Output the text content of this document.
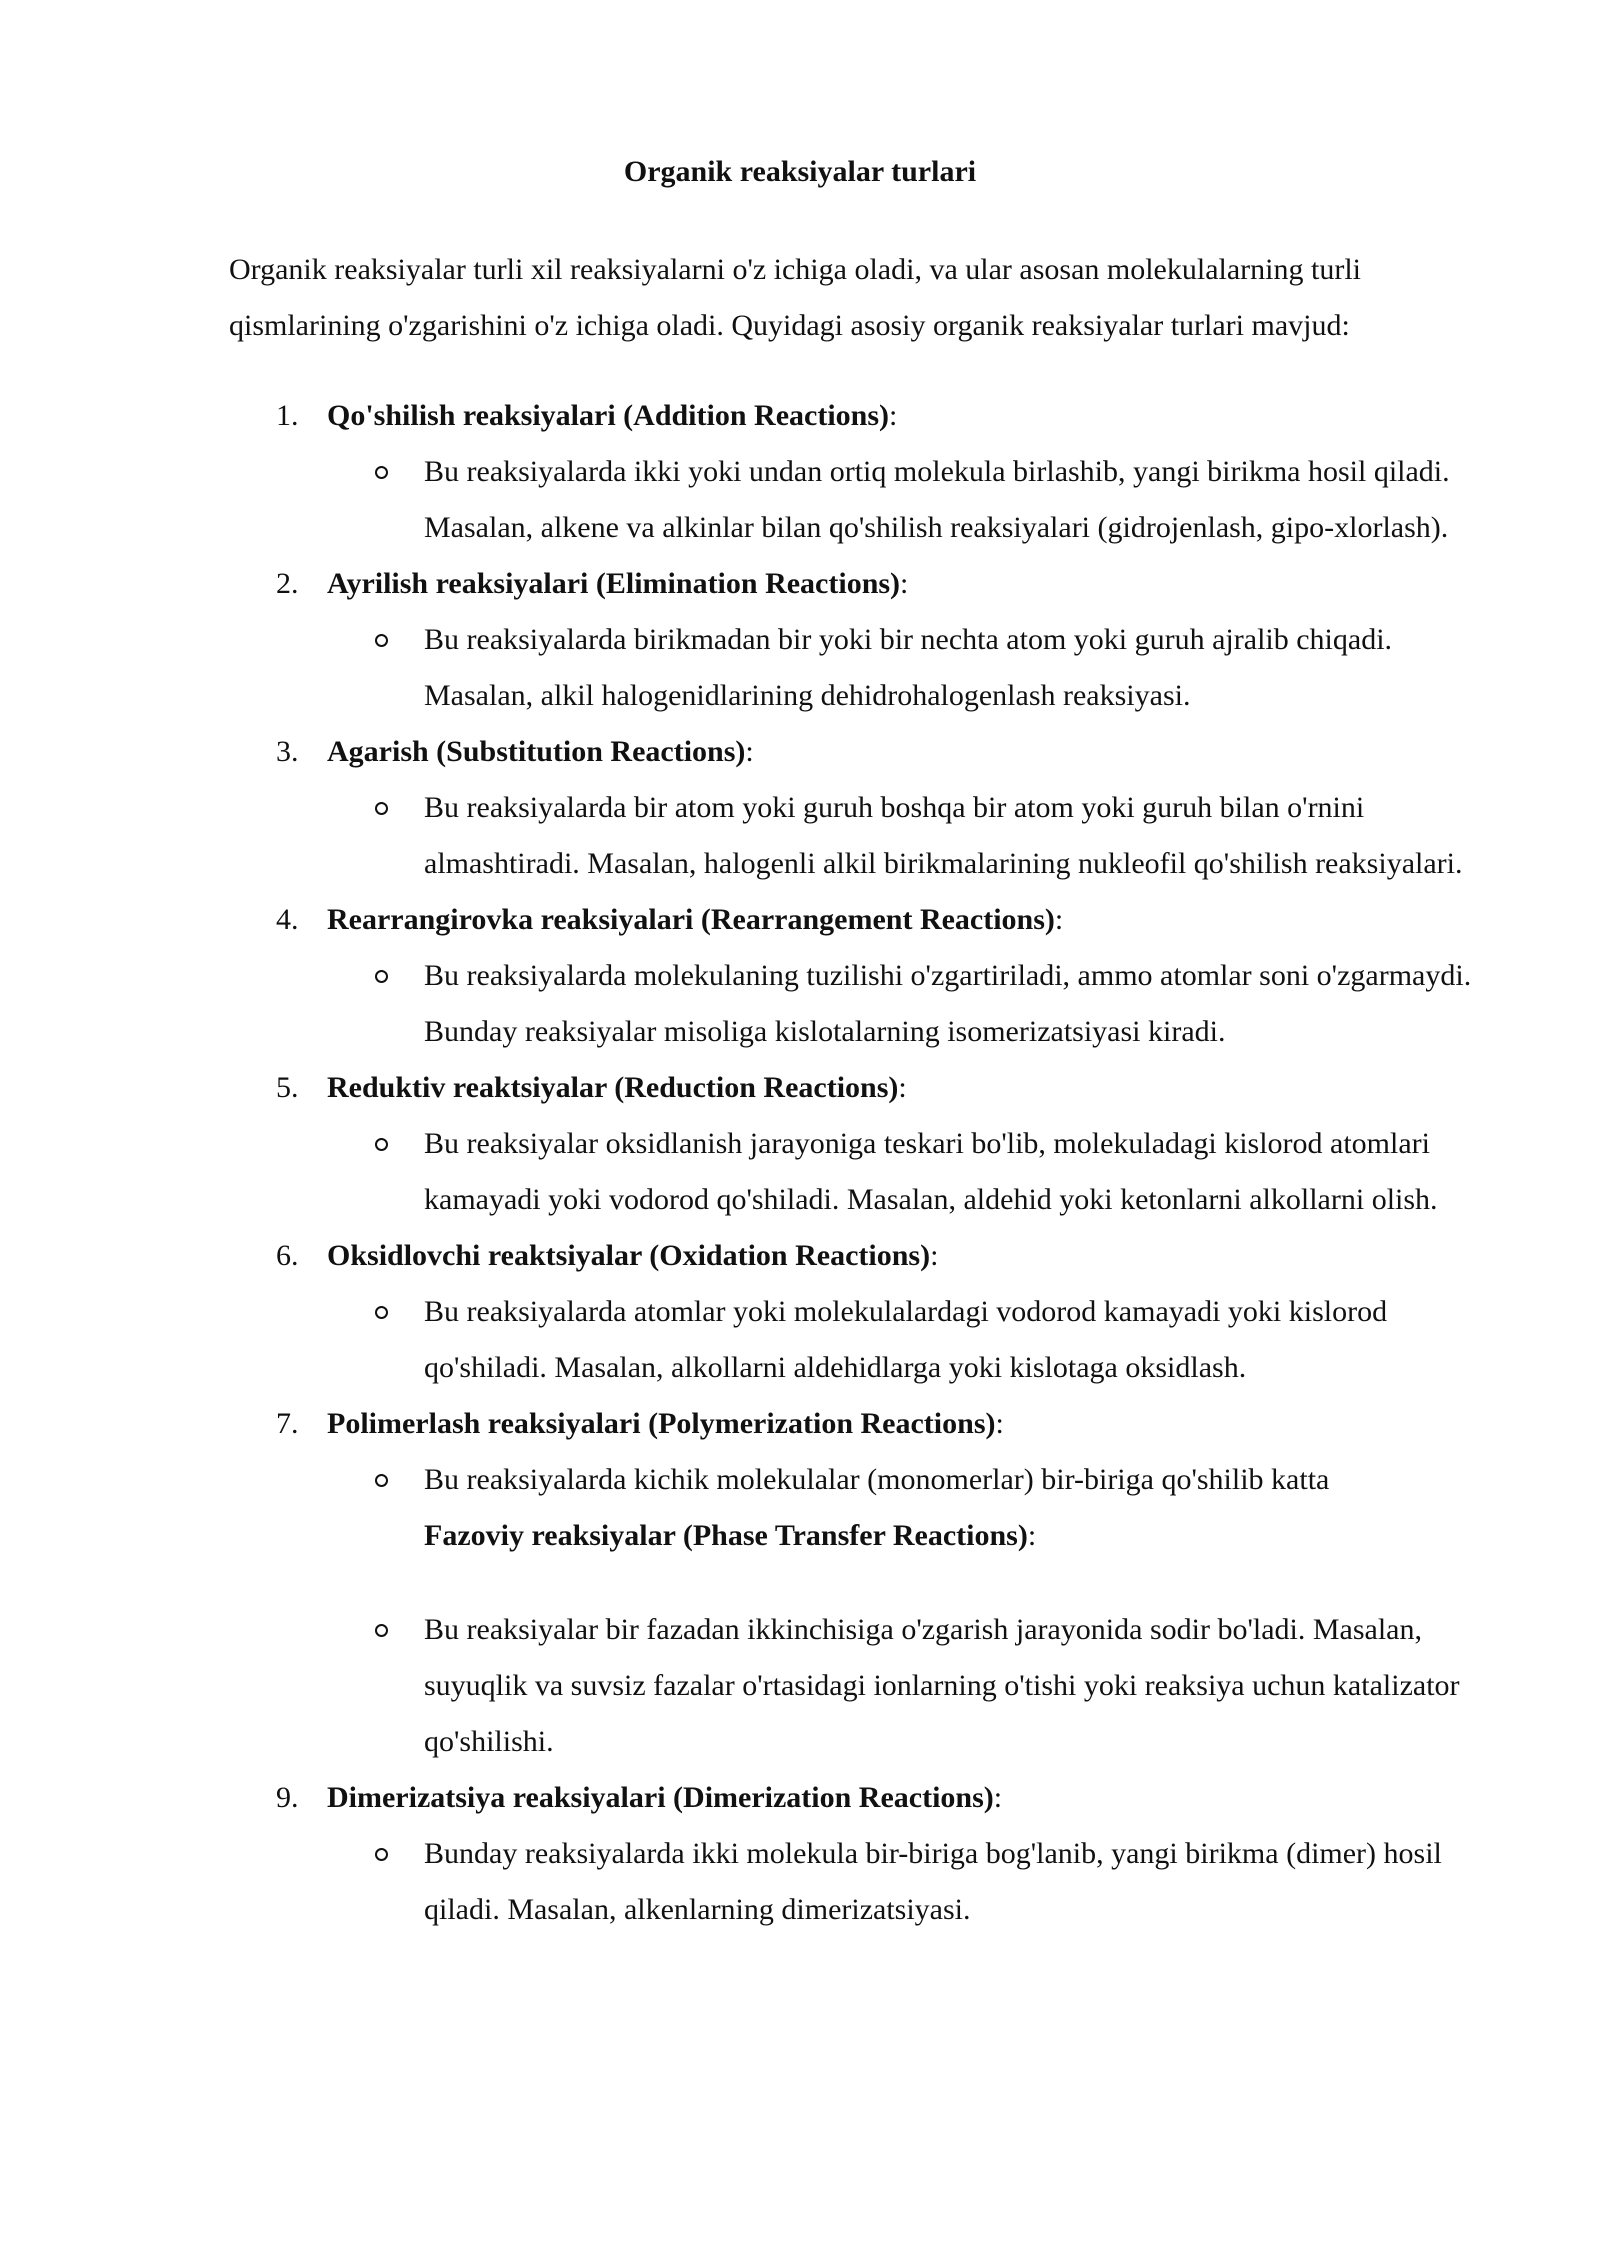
Organik reaksiyalar turlari

Organik reaksiyalar turli xil reaksiyalarni o'z ichiga oladi, va ular asosan molekulalarning turli qismlarining o'zgarishini o'z ichiga oladi. Quyidagi asosiy organik reaksiyalar turlari mavjud:

1. Qo'shilish reaksiyalari (Addition Reactions):

Bu reaksiyalarda ikki yoki undan ortiq molekula birlashib, yangi birikma hosil qiladi. Masalan, alkene va alkinlar bilan qo'shilish reaksiyalari (gidrojenlash, gipo-xlorlash).

2. Ayrilish reaksiyalari (Elimination Reactions):

Bu reaksiyalarda birikmadan bir yoki bir nechta atom yoki guruh ajralib chiqadi. Masalan, alkil halogenidlarining dehidrohalogenlash reaksiyasi.

3. Agarish (Substitution Reactions):

Bu reaksiyalarda bir atom yoki guruh boshqa bir atom yoki guruh bilan o'rnini almashtiradi. Masalan, halogenli alkil birikmalarining nukleofil qo'shilish reaksiyalari.

4. Rearrangirovka reaksiyalari (Rearrangement Reactions):

Bu reaksiyalarda molekulaning tuzilishi o'zgartiriladi, ammo atomlar soni o'zgarmaydi. Bunday reaksiyalar misoliga kislotalarning isomerizatsiyasi kiradi.

5. Reduktiv reaktsiyalar (Reduction Reactions):

Bu reaksiyalar oksidlanish jarayoniga teskari bo'lib, molekuladagi kislorod atomlari kamayadi yoki vodorod qo'shiladi. Masalan, aldehid yoki ketonlarni alkollarni olish.

6. Oksidlovchi reaktsiyalar (Oxidation Reactions):

Bu reaksiyalarda atomlar yoki molekulalardagi vodorod kamayadi yoki kislorod qo'shiladi. Masalan, alkollarni aldehidlarga yoki kislotaga oksidlash.

7. Polimerlash reaksiyalari (Polymerization Reactions):

Bu reaksiyalarda kichik molekulalar (monomerlar) bir-biriga qo'shilib katta
Fazoviy reaksiyalar (Phase Transfer Reactions):

Bu reaksiyalar bir fazadan ikkinchisiga o'zgarish jarayonida sodir bo'ladi. Masalan, suyuqlik va suvsiz fazalar o'rtasidagi ionlarning o'tishi yoki reaksiya uchun katalizator qo'shilishi.

9. Dimerizatsiya reaksiyalari (Dimerization Reactions):

Bunday reaksiyalarda ikki molekula bir-biriga bog'lanib, yangi birikma (dimer) hosil qiladi. Masalan, alkenlarning dimerizatsiyasi.
